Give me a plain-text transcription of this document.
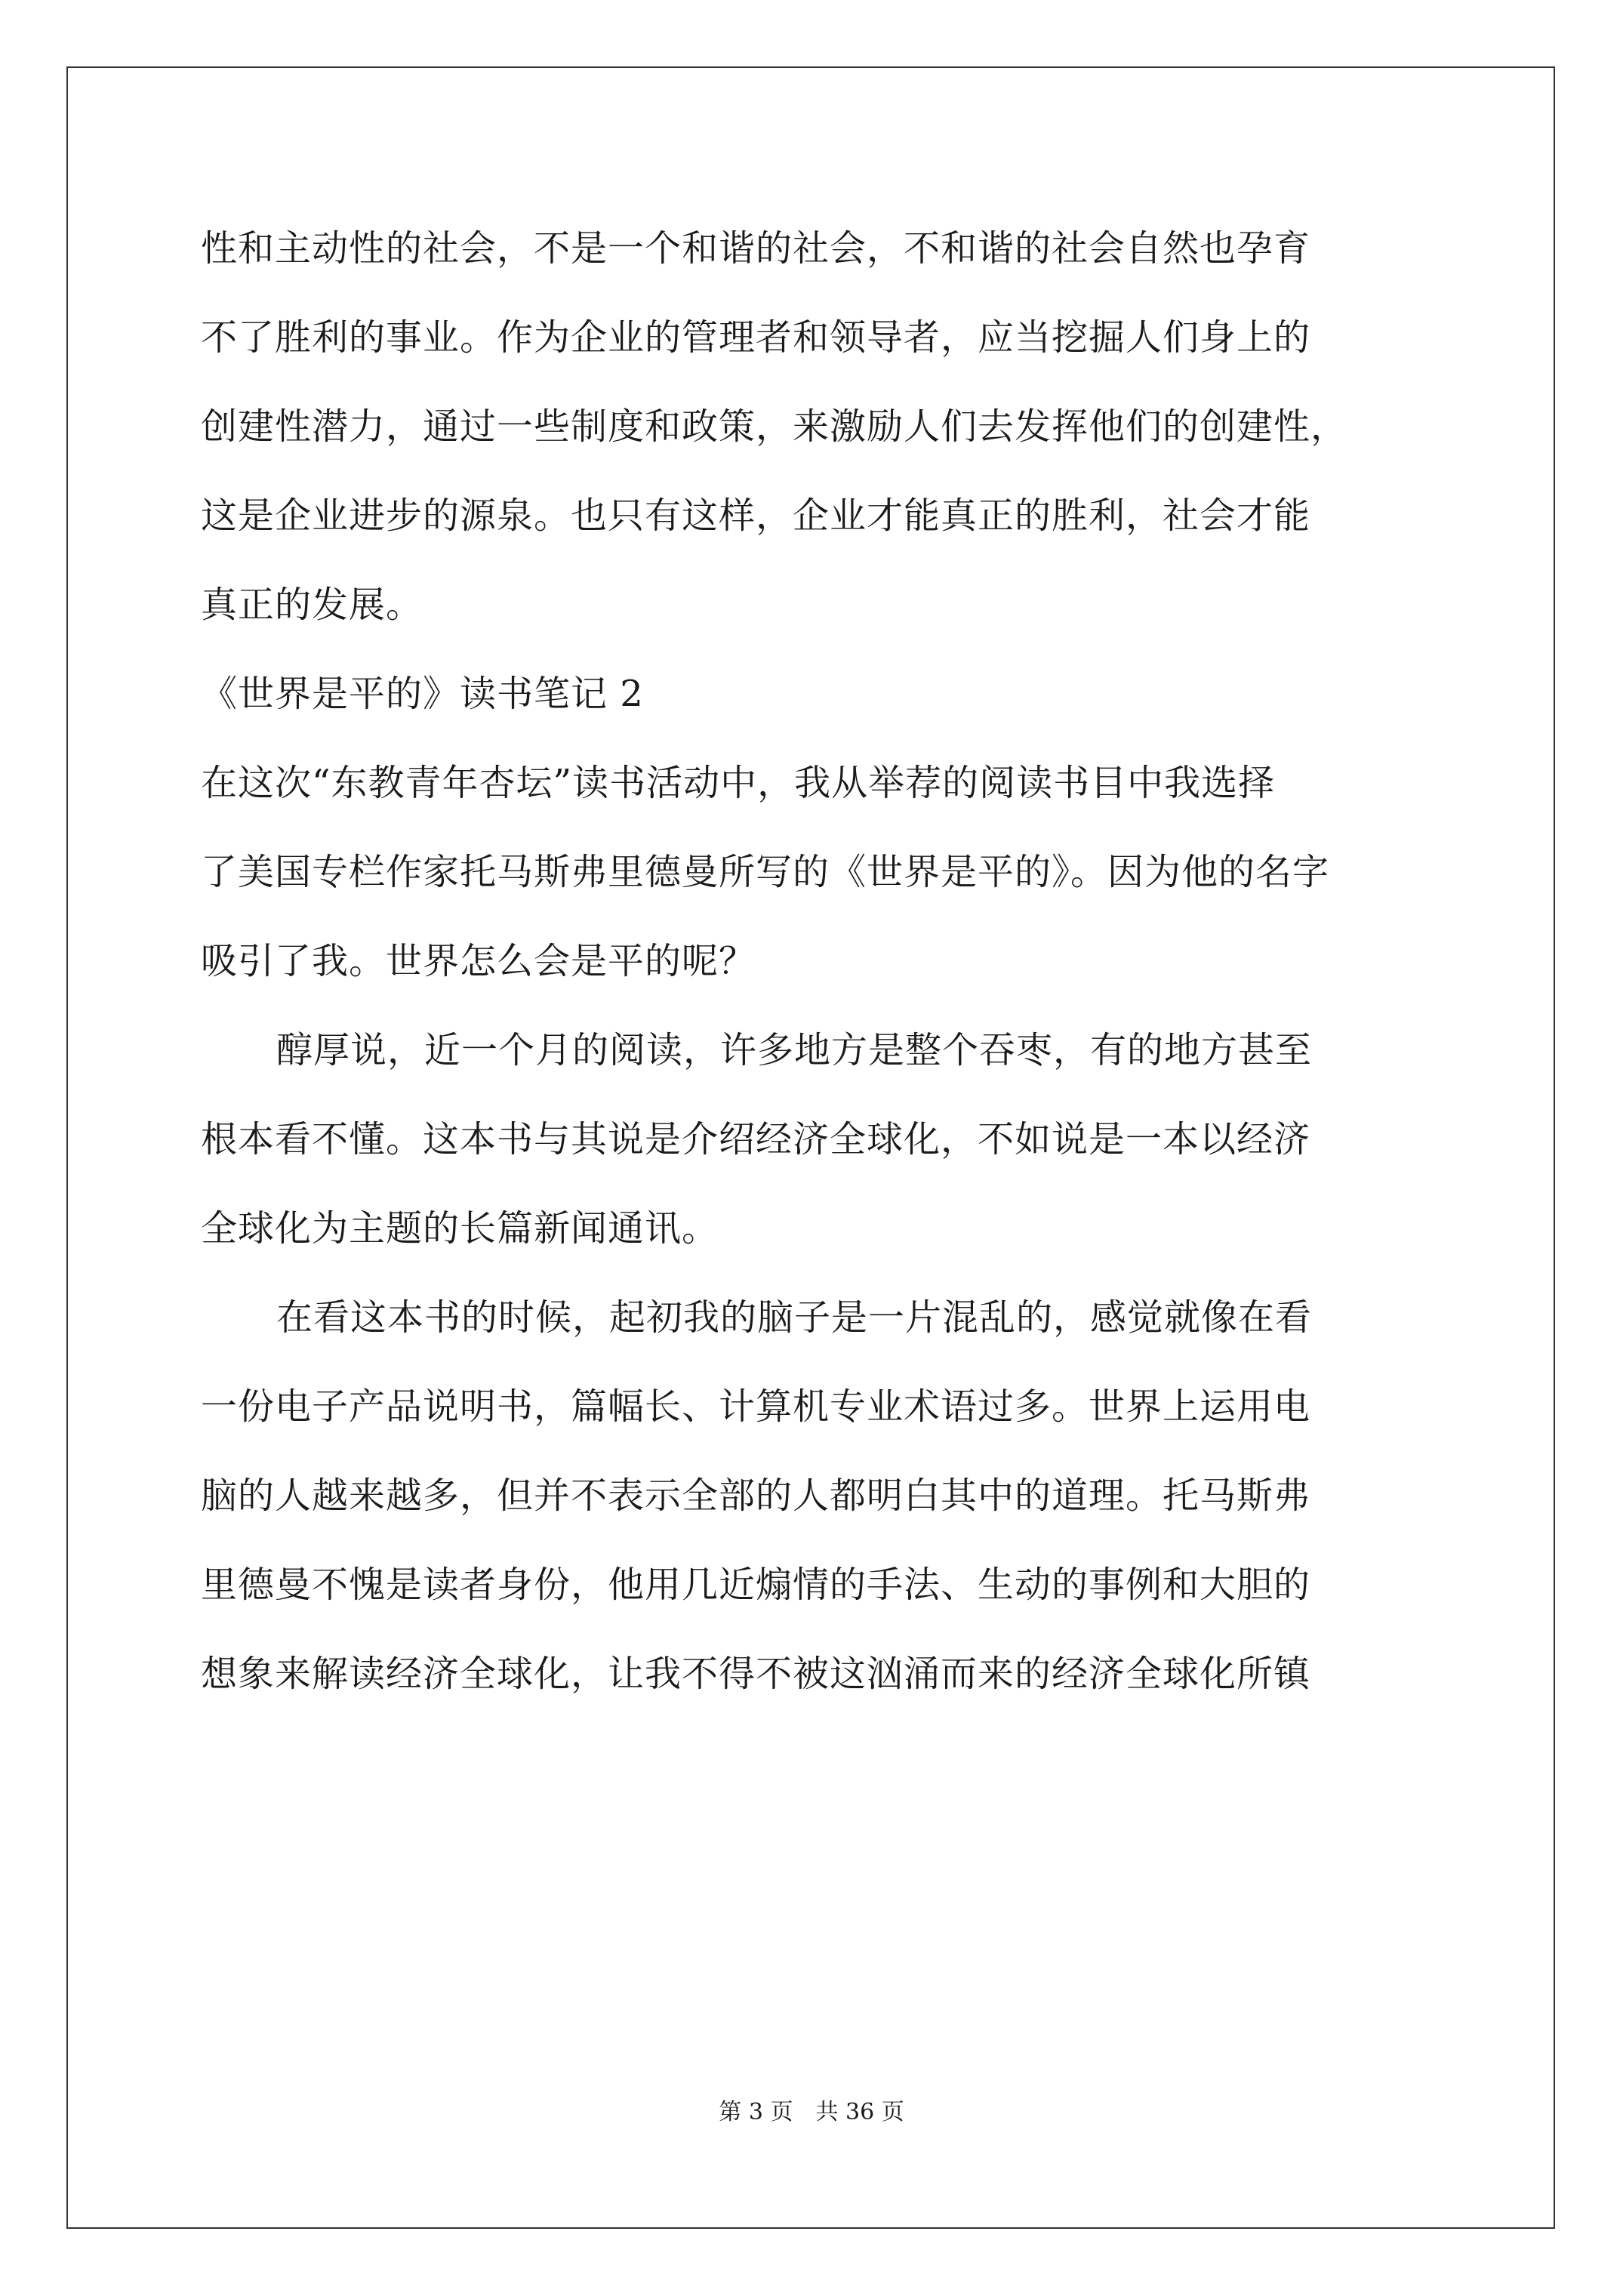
性和主动性的社会，不是一个和谐的社会，不和谐的社会自然也孕育
不了胜利的事业。作为企业的管理者和领导者，应当挖掘人们身上的
创建性潜力，通过一些制度和政策，来激励人们去发挥他们的创建性，
这是企业进步的源泉。也只有这样，企业才能真正的胜利，社会才能
真正的发展。
《世界是平的》读书笔记 2
在这次“东教青年杏坛”读书活动中，我从举荐的阅读书目中我选择
了美国专栏作家托马斯弗里德曼所写的《世界是平的》。因为他的名字
吸引了我。世界怎么会是平的呢？
醇厚说，近一个月的阅读，许多地方是整个吞枣，有的地方甚至
根本看不懂。这本书与其说是介绍经济全球化，不如说是一本以经济
全球化为主题的长篇新闻通讯。
在看这本书的时候，起初我的脑子是一片混乱的，感觉就像在看
一份电子产品说明书，篇幅长、计算机专业术语过多。世界上运用电
脑的人越来越多，但并不表示全部的人都明白其中的道理。托马斯弗
里德曼不愧是读者身份，他用几近煽情的手法、生动的事例和大胆的
想象来解读经济全球化，让我不得不被这汹涌而来的经济全球化所镇
第 3 页 共 36 页
